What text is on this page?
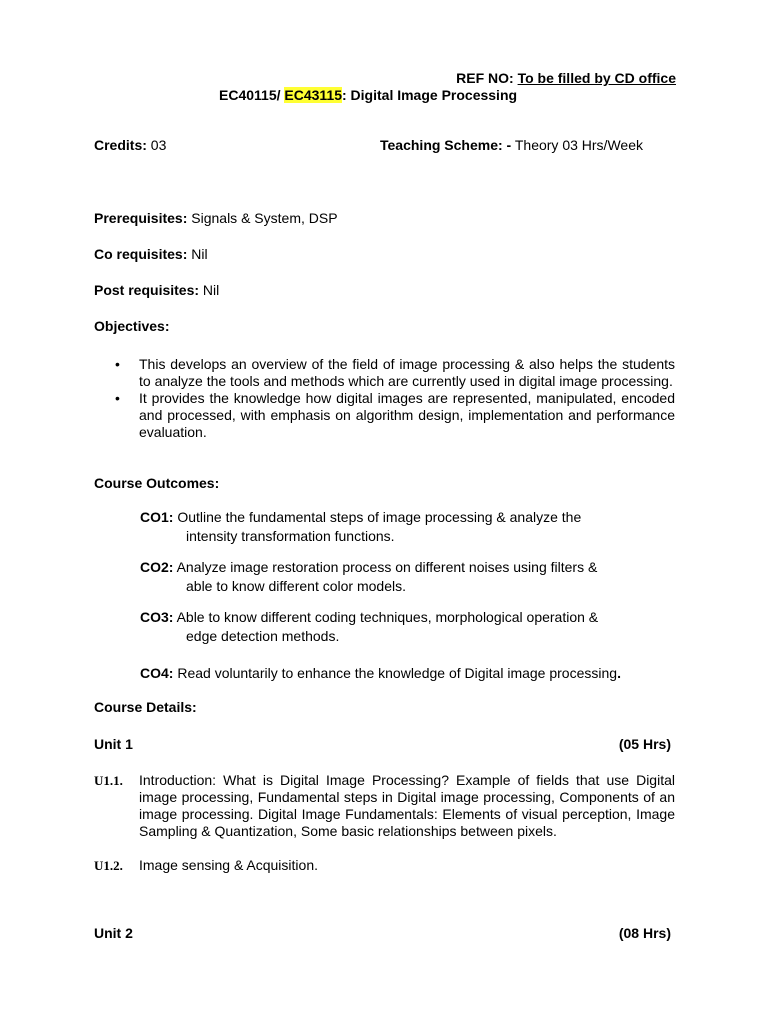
REF NO: To be filled by CD office
EC40115/ EC43115: Digital Image Processing
Credits: 03	Teaching Scheme: - Theory 03 Hrs/Week
Prerequisites: Signals & System, DSP
Co requisites: Nil
Post requisites: Nil
Objectives:
• This develops an overview of the field of image processing & also helps the students to analyze the tools and methods which are currently used in digital image processing.
• It provides the knowledge how digital images are represented, manipulated, encoded and processed, with emphasis on algorithm design, implementation and performance evaluation.
Course Outcomes:
CO1: Outline the fundamental steps of image processing & analyze the
intensity transformation functions.
CO2: Analyze image restoration process on different noises using filters &
able to know different color models.
CO3: Able to know different coding techniques, morphological operation &
edge detection methods.
CO4: Read voluntarily to enhance the knowledge of Digital image processing.
Course Details:
Unit 1	(05 Hrs)
U1.1. Introduction: What is Digital Image Processing? Example of fields that use Digital image processing, Fundamental steps in Digital image processing, Components of an image processing. Digital Image Fundamentals: Elements of visual perception, Image Sampling & Quantization, Some basic relationships between pixels.
U1.2. Image sensing & Acquisition.
Unit 2	(08 Hrs)
